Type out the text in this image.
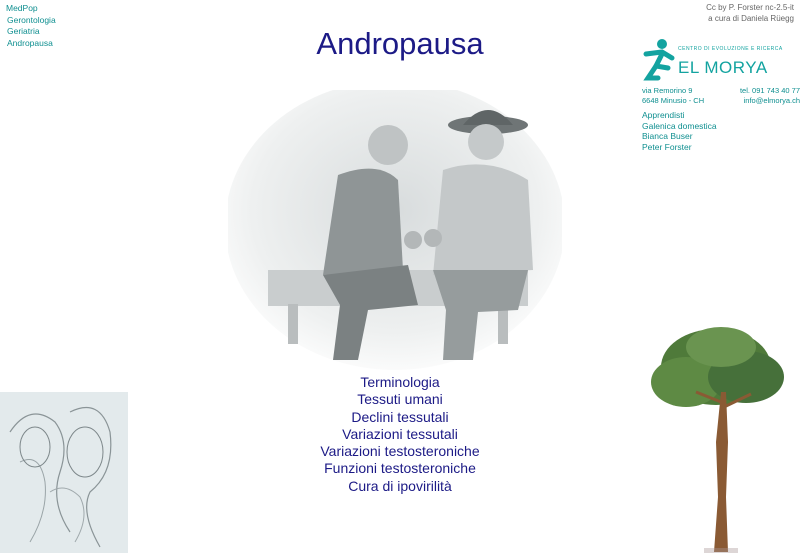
MedPop
Gerontologia
Geriatria
Andropausa
Cc by P. Forster nc-2.5-it
a cura di Daniela Rüegg
Andropausa	CENTRO DI EVOLUZIONE E RICERCA
EL MORYA
via Remorino 9	tel. 091 743 40 77
6648 Minusio - CH	info@elmorya.ch
Apprendisti
Galenica domestica
Bianca Buser
Peter Forster
Terminologia
Tessuti umani
Declini tessutali
Variazioni tessutali
Variazioni testosteroniche
Funzioni testosteroniche
Cura di ipovirilità
